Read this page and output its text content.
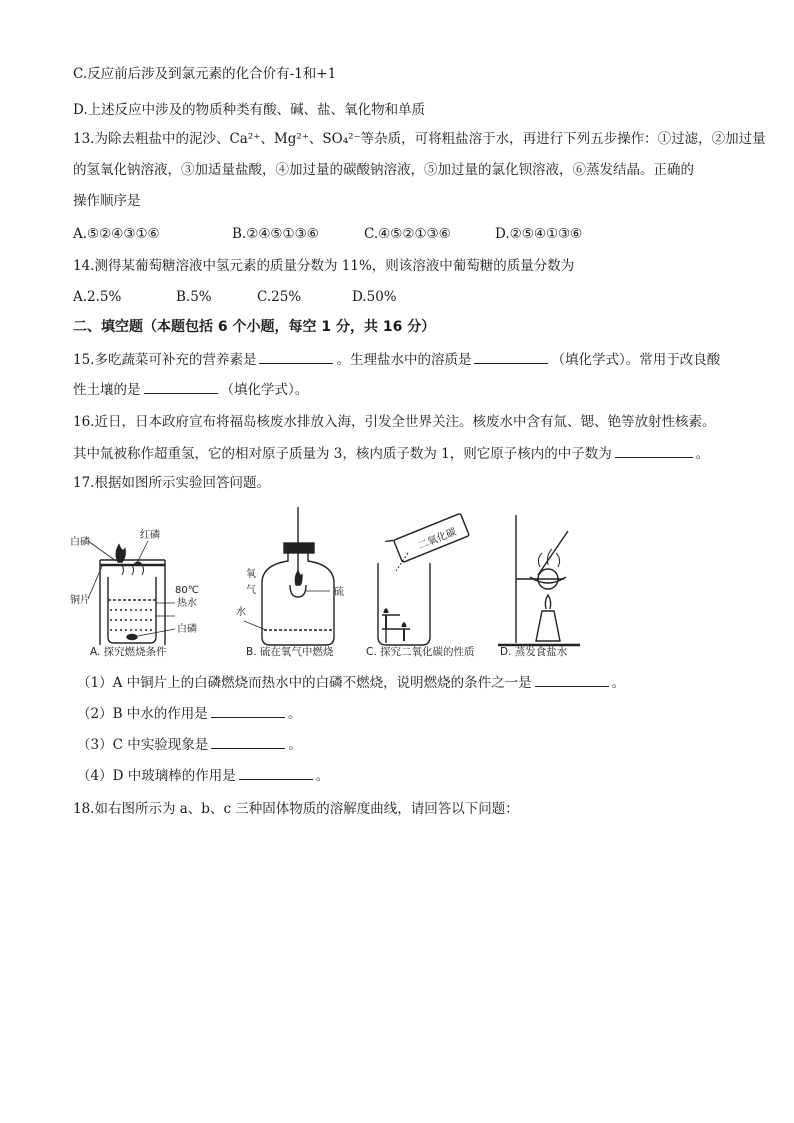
C.反应前后涉及到氯元素的化合价有-1和+1
D.上述反应中涉及的物质种类有酸、碱、盐、氧化物和单质
13.为除去粗盐中的泥沙、Ca²⁺、Mg²⁺、SO₄²⁻等杂质，可将粗盐溶于水，再进行下列五步操作：①过滤，②加过量
的氢氧化钠溶液，③加适量盐酸，④加过量的碳酸钠溶液，⑤加过量的氯化钡溶液，⑥蒸发结晶。正确的
操作顺序是
A.⑤②④③①⑥	B.②④⑤①③⑥	C.④⑤②①③⑥	D.②⑤④①③⑥
14.测得某葡萄糖溶液中氢元素的质量分数为 11%，则该溶液中葡萄糖的质量分数为
A.2.5%	B.5%	C.25%	D.50%
二、填空题（本题包括 6 个小题，每空 1 分，共 16 分）
15.多吃蔬菜可补充的营养素是	。生理盐水中的溶质是	（填化学式）。常用于改良酸
性土壤的是	（填化学式）。
16.近日，日本政府宣布将福岛核废水排放入海，引发全世界关注。核废水中含有氚、锶、铯等放射性核素。
其中氚被称作超重氢，它的相对原子质量为 3，核内质子数为 1，则它原子核内的中子数为	。
17.根据如图所示实验回答问题。
红磷
白磷
铜片
80℃
热水
白磷
氧
气
水
硫
二氧化碳
A. 探究燃烧条件	B. 硫在氧气中燃烧	C. 探究二氧化碳的性质 D. 蒸发食盐水
（1）A 中铜片上的白磷燃烧而热水中的白磷不燃烧，说明燃烧的条件之一是	。
（2）B 中水的作用是	。
（3）C 中实验现象是	。
（4）D 中玻璃棒的作用是	。
18.如右图所示为 a、b、c 三种固体物质的溶解度曲线，请回答以下问题：
